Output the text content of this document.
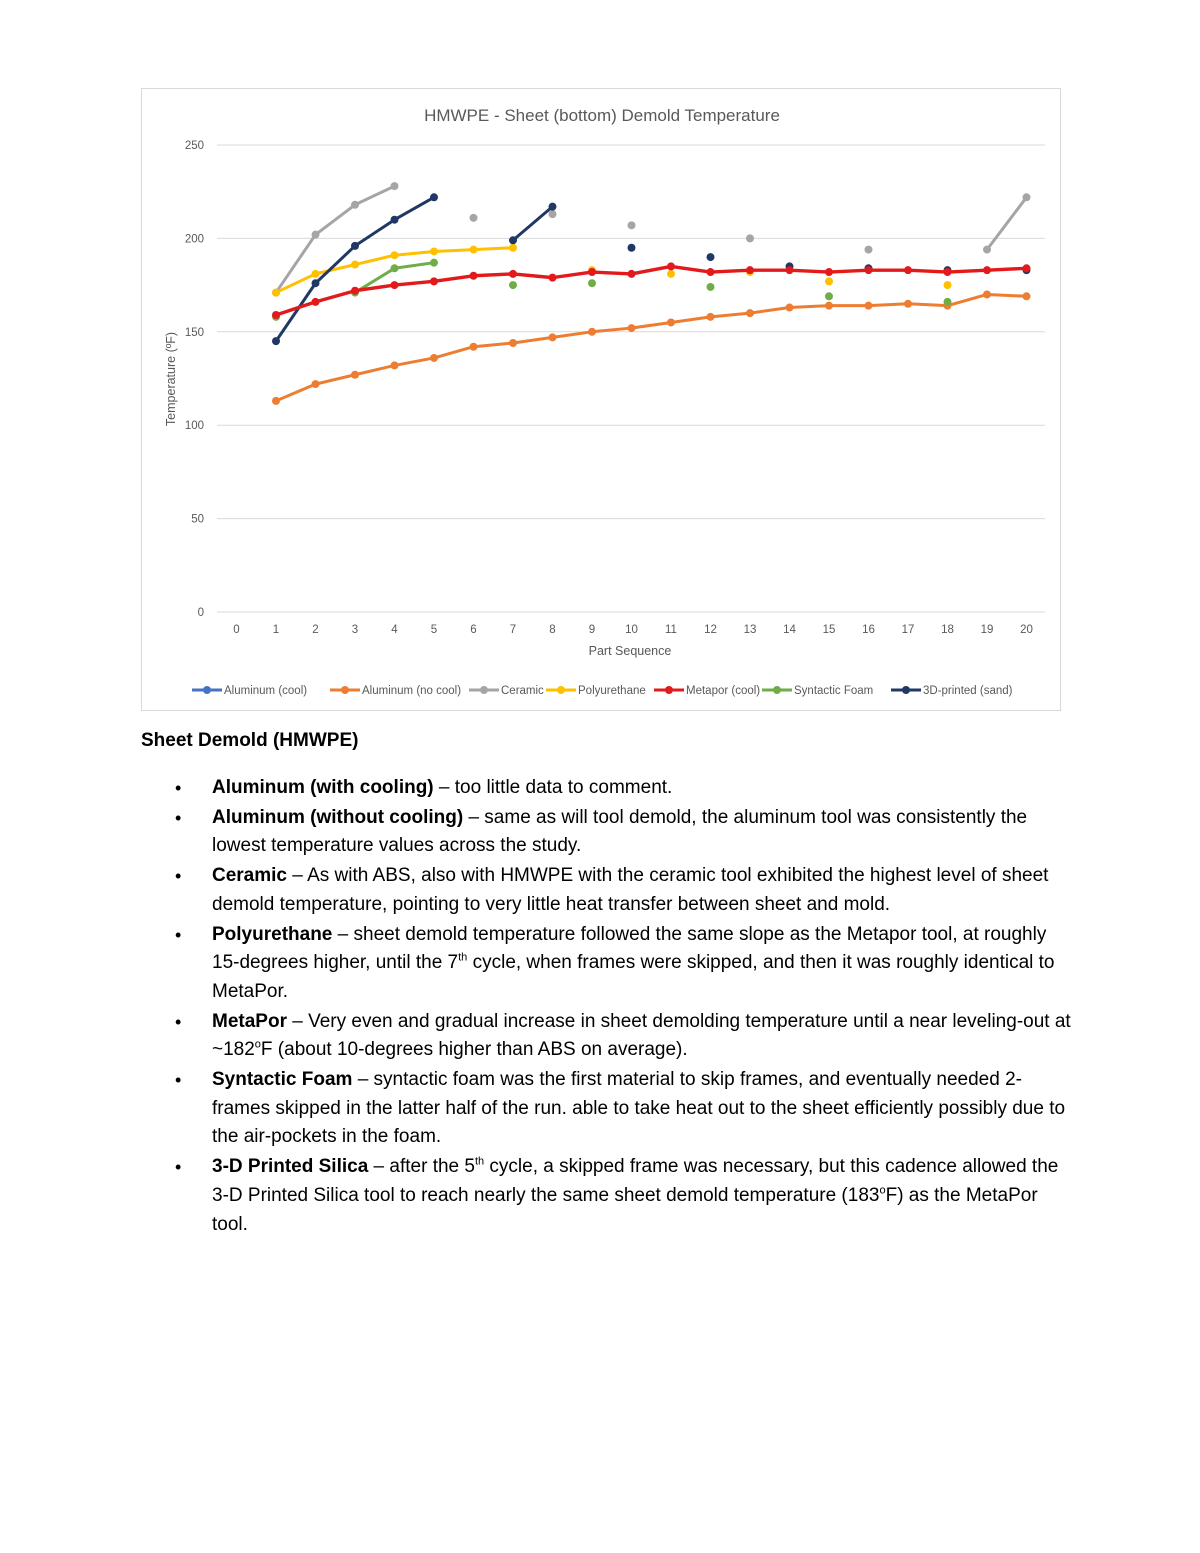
HMWPE - Sheet (bottom) Demold Temperature
0
50
100
150
200
250
0	1	2	3	4	5	6	7	8	9	10 11 12 13 14 15 16 17 18 19 20
Part Sequence
Temperature (ºF)
Aluminum (cool)	Aluminum (no cool)	Ceramic	Polyurethane	Metapor (cool)	Syntactic Foam	3D-printed (sand)

Sheet Demold (HMWPE)

• Aluminum (with cooling) – too little data to comment.
• Aluminum (without cooling) – same as will tool demold, the aluminum tool was consistently the lowest temperature values across the study.
• Ceramic – As with ABS, also with HMWPE with the ceramic tool exhibited the highest level of sheet demold temperature, pointing to very little heat transfer between sheet and mold.
• Polyurethane – sheet demold temperature followed the same slope as the Metapor tool, at roughly 15-degrees higher, until the 7th cycle, when frames were skipped, and then it was roughly identical to MetaPor.
• MetaPor – Very even and gradual increase in sheet demolding temperature until a near leveling-out at ~182$^o$F (about 10-degrees higher than ABS on average).
• Syntactic Foam – syntactic foam was the first material to skip frames, and eventually needed 2-frames skipped in the latter half of the run. able to take heat out to the sheet efficiently possibly due to the air-pockets in the foam.
• 3-D Printed Silica – after the 5th cycle, a skipped frame was necessary, but this cadence allowed the 3-D Printed Silica tool to reach nearly the same sheet demold temperature (183$^o$F) as the MetaPor tool.
